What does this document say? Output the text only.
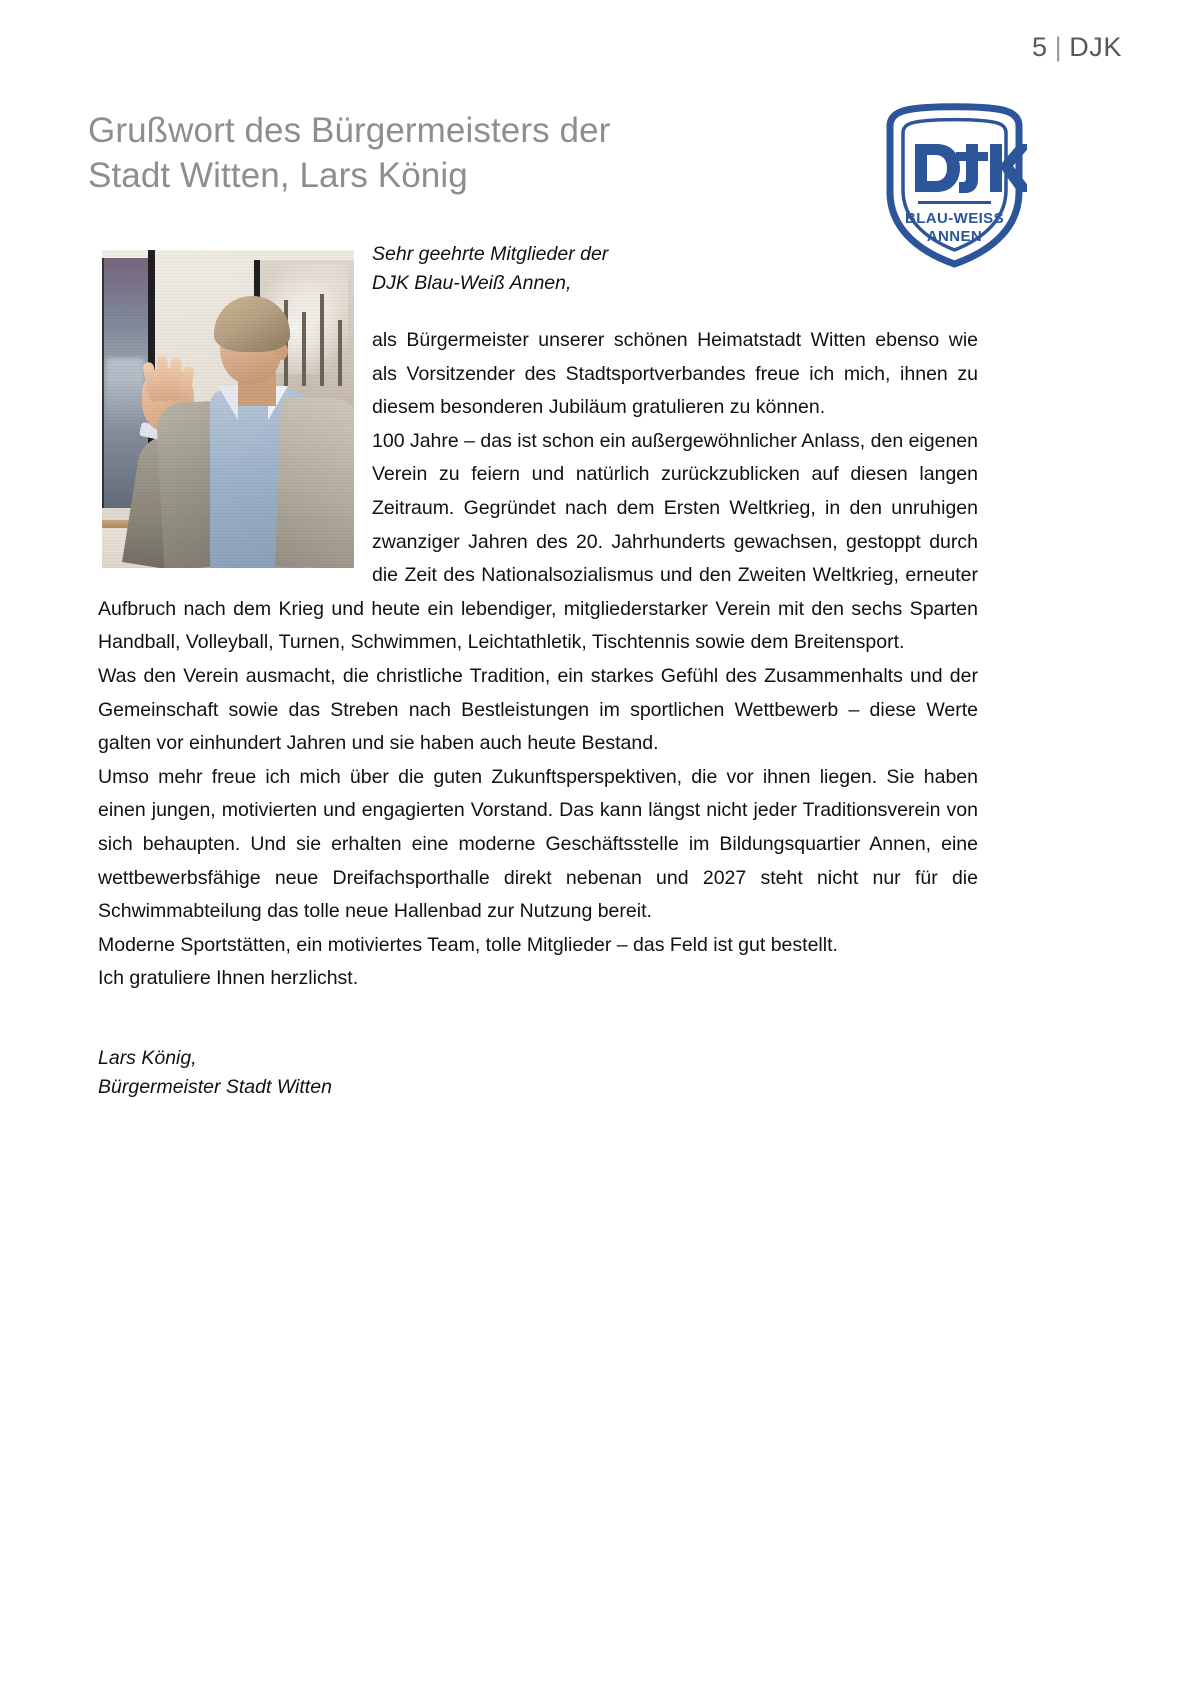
5 | DJK
Grußwort des Bürgermeisters der
Stadt Witten, Lars König
BLAU-WEISS
ANNEN

Sehr geehrte Mitglieder der
DJK Blau-Weiß Annen,

als Bürgermeister unserer schönen Heimatstadt Witten ebenso wie als Vorsitzender des Stadtsportverbandes freue ich mich, ihnen zu diesem besonderen Jubiläum gratulieren zu können.

100 Jahre – das ist schon ein außergewöhnlicher Anlass, den eigenen Verein zu feiern und natürlich zurückzublicken auf diesen langen Zeitraum. Gegründet nach dem Ersten Weltkrieg, in den unruhigen zwanziger Jahren des 20. Jahrhunderts gewachsen, gestoppt durch die Zeit des Nationalsozialismus und den Zweiten Weltkrieg, erneuter Aufbruch nach dem Krieg und heute ein lebendiger, mitgliederstarker Verein mit den sechs Sparten Handball, Volleyball, Turnen, Schwimmen, Leichtathletik, Tischtennis sowie dem Breitensport.

Was den Verein ausmacht, die christliche Tradition, ein starkes Gefühl des Zusammenhalts und der Gemeinschaft sowie das Streben nach Bestleistungen im sportlichen Wettbewerb – diese Werte galten vor einhundert Jahren und sie haben auch heute Bestand.

Umso mehr freue ich mich über die guten Zukunftsperspektiven, die vor ihnen liegen. Sie haben einen jungen, motivierten und engagierten Vorstand. Das kann längst nicht jeder Traditionsverein von sich behaupten. Und sie erhalten eine moderne Geschäftsstelle im Bildungsquartier Annen, eine wettbewerbsfähige neue Dreifachsporthalle direkt nebenan und 2027 steht nicht nur für die Schwimmabteilung das tolle neue Hallenbad zur Nutzung bereit.

Moderne Sportstätten, ein motiviertes Team, tolle Mitglieder – das Feld ist gut bestellt.

Ich gratuliere Ihnen herzlichst.

Lars König,
Bürgermeister Stadt Witten
